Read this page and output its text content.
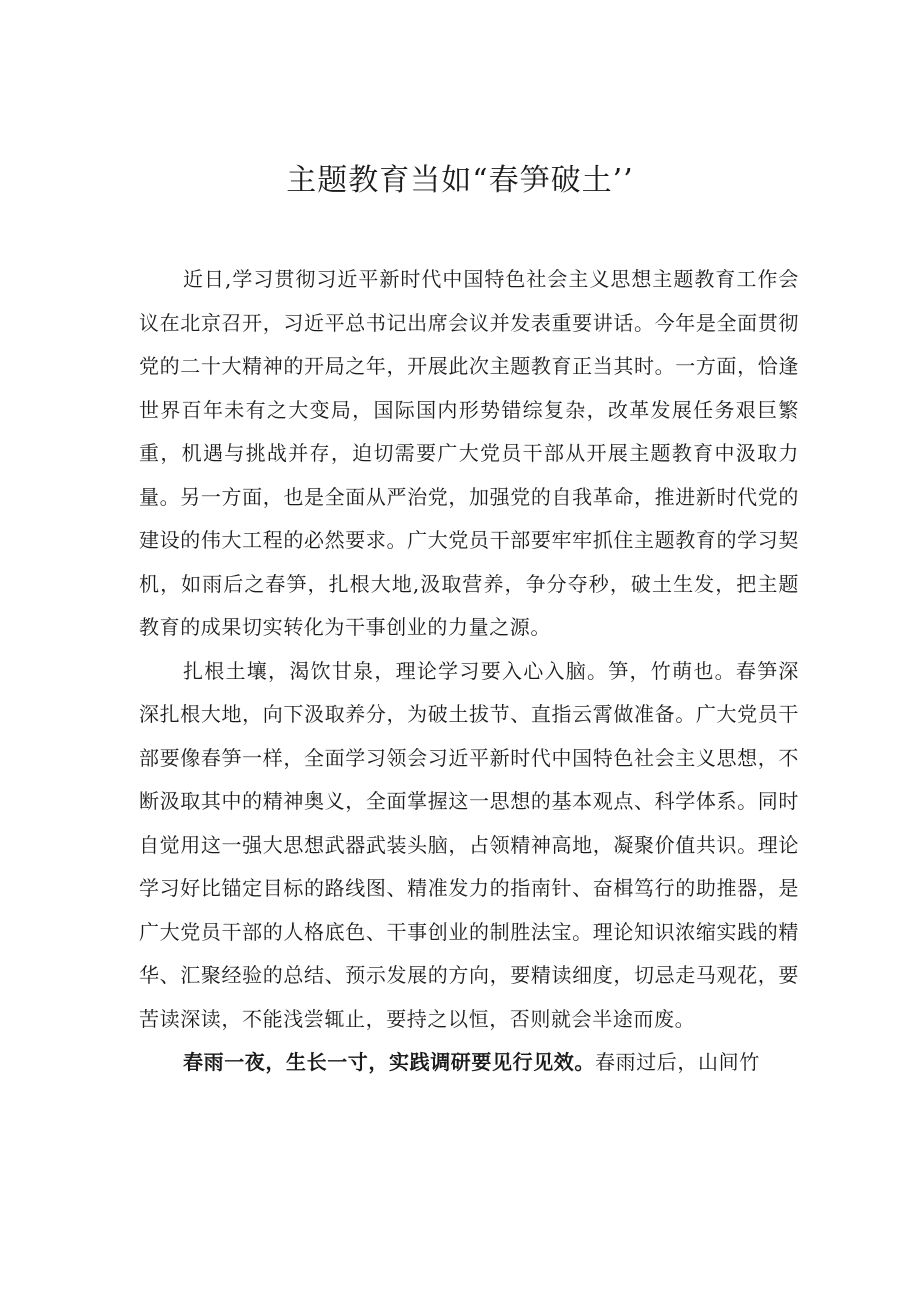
主题教育当如“春笋破土’’

近日,学习贯彻习近平新时代中国特色社会主义思想主题教育工作会议在北京召开，习近平总书记出席会议并发表重要讲话。今年是全面贯彻党的二十大精神的开局之年，开展此次主题教育正当其时。一方面，恰逢世界百年未有之大变局，国际国内形势错综复杂，改革发展任务艰巨繁重，机遇与挑战并存，迫切需要广大党员干部从开展主题教育中汲取力量。另一方面，也是全面从严治党，加强党的自我革命，推进新时代党的建设的伟大工程的必然要求。广大党员干部要牢牢抓住主题教育的学习契机，如雨后之春笋，扎根大地,汲取营养，争分夺秒，破土生发，把主题教育的成果切实转化为干事创业的力量之源。

扎根土壤，渴饮甘泉，理论学习要入心入脑。笋，竹萌也。春笋深深扎根大地，向下汲取养分，为破土拔节、直指云霄做准备。广大党员干部要像春笋一样，全面学习领会习近平新时代中国特色社会主义思想，不断汲取其中的精神奥义，全面掌握这一思想的基本观点、科学体系。同时自觉用这一强大思想武器武装头脑，占领精神高地，凝聚价值共识。理论学习好比锚定目标的路线图、精准发力的指南针、奋楫笃行的助推器，是广大党员干部的人格底色、干事创业的制胜法宝。理论知识浓缩实践的精华、汇聚经验的总结、预示发展的方向，要精读细度，切忌走马观花，要苦读深读，不能浅尝辄止，要持之以恒，否则就会半途而废。

春雨一夜，生长一寸，实践调研要见行见效。春雨过后，山间竹
